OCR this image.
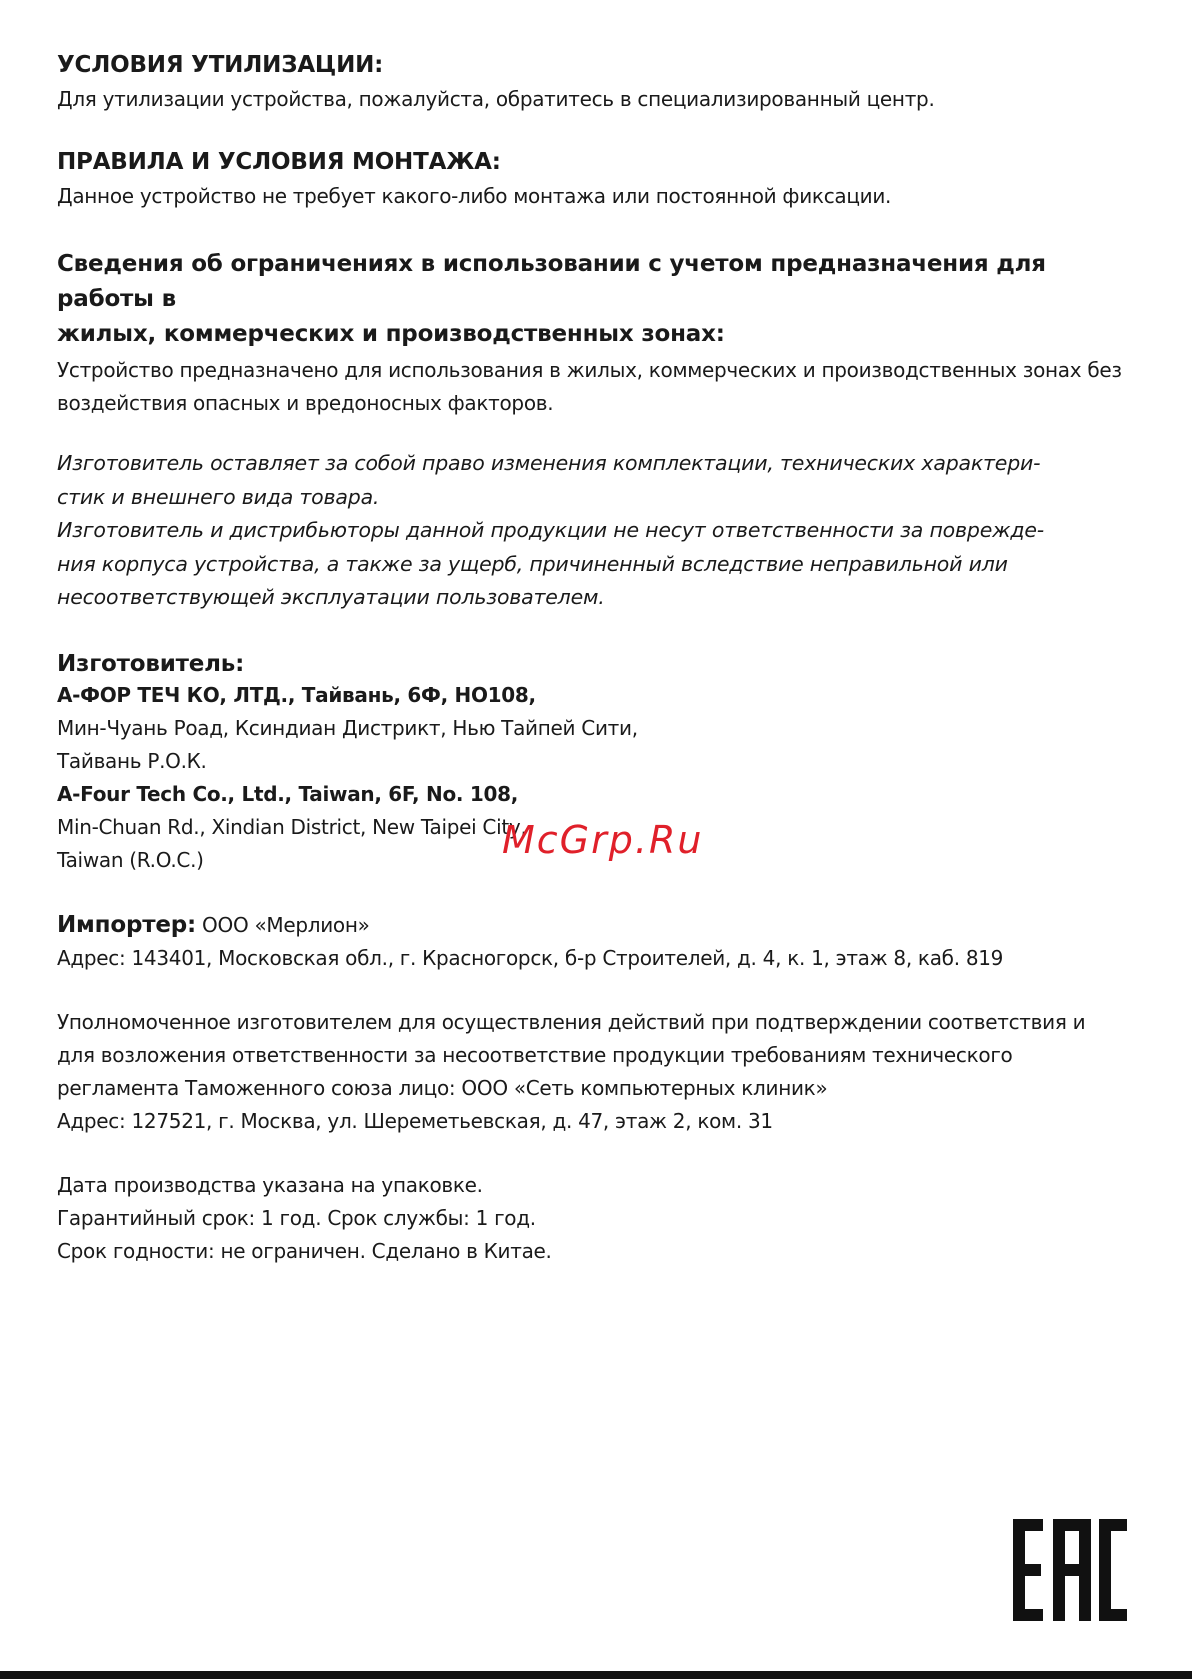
УСЛОВИЯ УТИЛИЗАЦИИ:

Для утилизации устройства, пожалуйста, обратитесь в специализированный центр.

ПРАВИЛА И УСЛОВИЯ МОНТАЖА:

Данное устройство не требует какого-либо монтажа или постоянной фиксации.

Сведения об ограничениях в использовании с учетом предназначения для работы в
жилых, коммерческих и производственных зонах:

Устройство предназначено для использования в жилых, коммерческих и производственных зонах без
воздействия опасных и вредоносных факторов.

Изготовитель оставляет за собой право изменения комплектации, технических характери-
стик и внешнего вида товара.
Изготовитель и дистрибьюторы данной продукции не несут ответственности за поврежде-
ния корпуса устройства, а также за ущерб, причиненный вследствие неправильной или
несоответствующей эксплуатации пользователем.

Изготовитель:

А-ФОР ТЕЧ КО, ЛТД., Тайвань, 6Ф, НО108,
Мин-Чуань Роад, Ксиндиан Дистрикт, Нью Тайпей Сити,
Тайвань Р.О.К.
A-Four Tech Co., Ltd., Taiwan, 6F, No. 108,
Min-Chuan Rd., Xindian District, New Taipei City,
Taiwan (R.O.C.)

Импортер: ООО «Мерлион»

Адрес: 143401, Московская обл., г. Красногорск, б-р Строителей, д. 4, к. 1, этаж 8, каб. 819

Уполномоченное изготовителем для осуществления действий при подтверждении соответствия и
для возложения ответственности за несоответствие продукции требованиям технического
регламента Таможенного союза лицо: ООО «Сеть компьютерных клиник»
Адрес: 127521, г. Москва, ул. Шереметьевская, д. 47, этаж 2, ком. 31

Дата производства указана на упаковке.
Гарантийный срок: 1 год. Срок службы: 1 год.
Срок годности: не ограничен. Сделано в Китае.

McGrp.Ru
